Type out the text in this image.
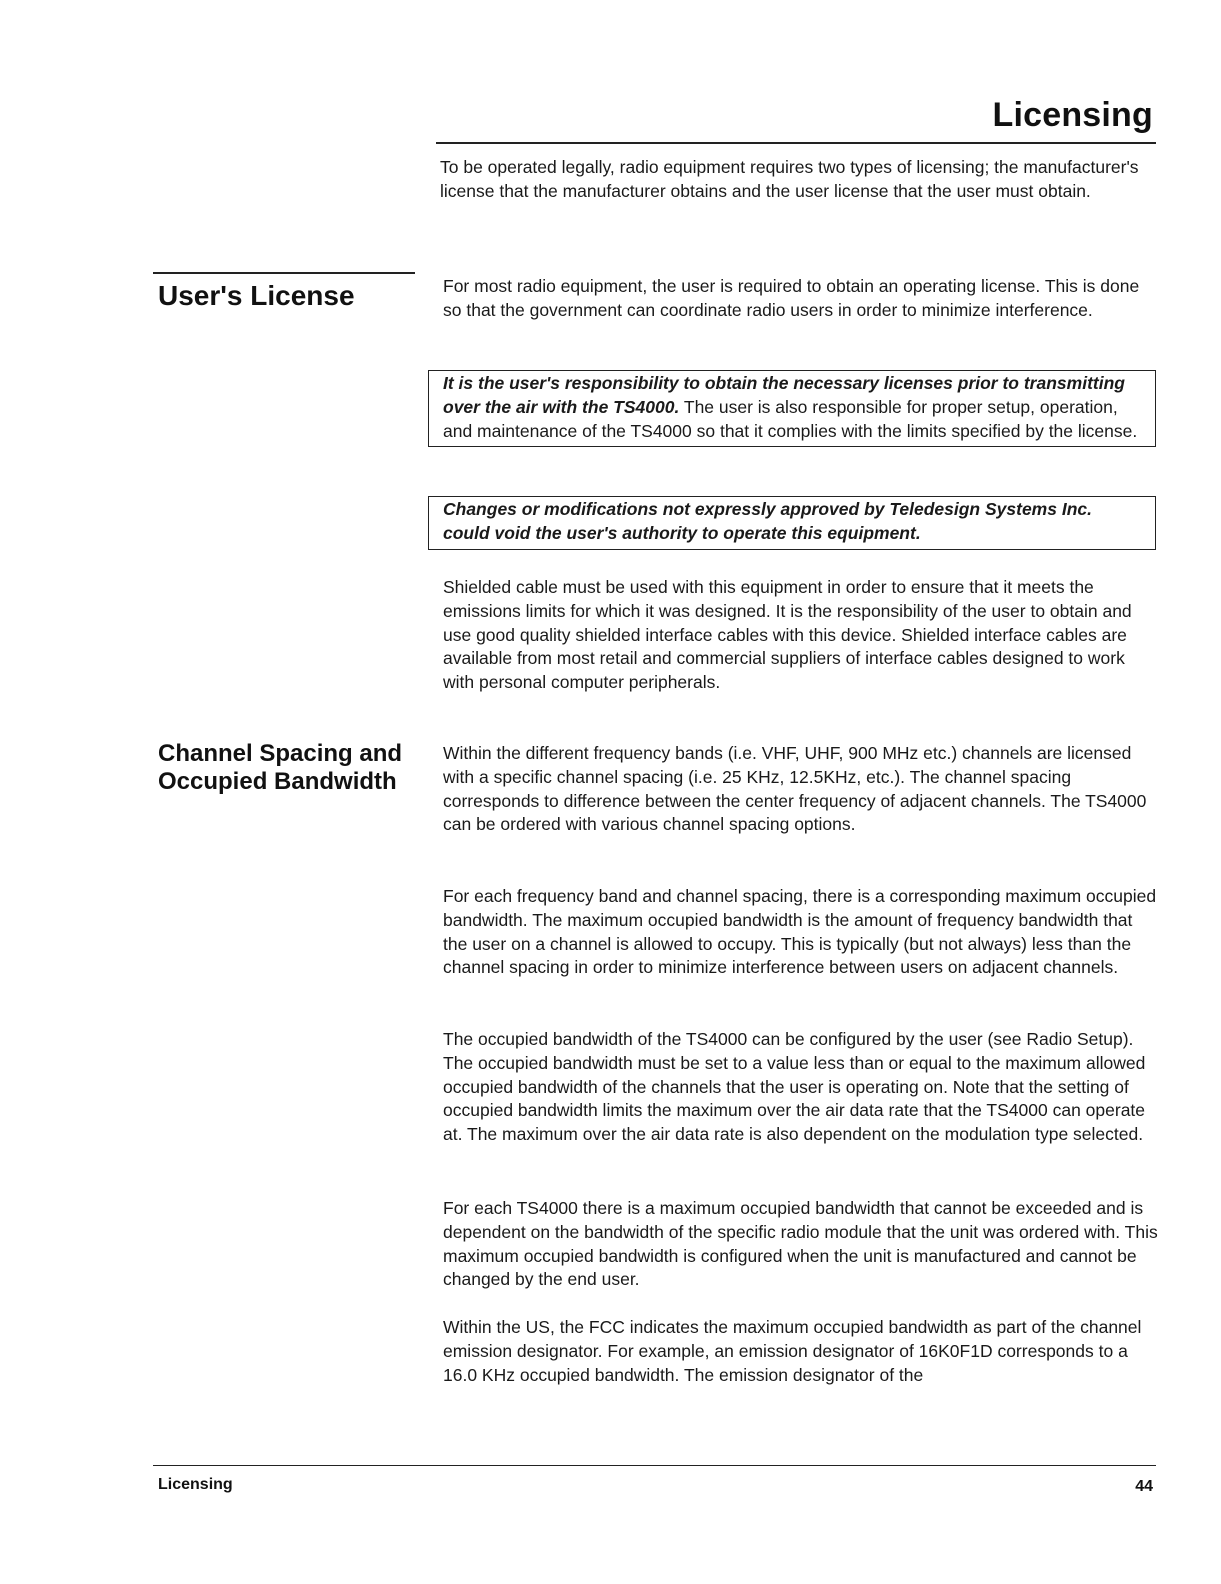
Licensing
To be operated legally, radio equipment requires two types of licensing; the manufacturer's license that the manufacturer obtains and the user license that the user must obtain.
User's License	For most radio equipment, the user is required to obtain an operating license. This is done so that the government can coordinate radio users in order to minimize interference.
It is the user's responsibility to obtain the necessary licenses prior to transmitting over the air with the TS4000. The user is also responsible for proper setup, operation, and maintenance of the TS4000 so that it complies with the limits specified by the license.
Changes or modifications not expressly approved by Teledesign Systems Inc. could void the user's authority to operate this equipment.
Shielded cable must be used with this equipment in order to ensure that it meets the emissions limits for which it was designed. It is the responsibility of the user to obtain and use good quality shielded interface cables with this device. Shielded interface cables are available from most retail and commercial suppliers of interface cables designed to work with personal computer peripherals.
Channel Spacing and
Occupied Bandwidth
Within the different frequency bands (i.e. VHF, UHF, 900 MHz etc.) channels are licensed with a specific channel spacing (i.e. 25 KHz, 12.5KHz, etc.). The channel spacing corresponds to difference between the center frequency of adjacent channels. The TS4000 can be ordered with various channel spacing options.
For each frequency band and channel spacing, there is a corresponding maximum occupied bandwidth. The maximum occupied bandwidth is the amount of frequency bandwidth that the user on a channel is allowed to occupy. This is typically (but not always) less than the channel spacing in order to minimize interference between users on adjacent channels.
The occupied bandwidth of the TS4000 can be configured by the user (see Radio Setup). The occupied bandwidth must be set to a value less than or equal to the maximum allowed occupied bandwidth of the channels that the user is operating on. Note that the setting of occupied bandwidth limits the maximum over the air data rate that the TS4000 can operate at. The maximum over the air data rate is also dependent on the modulation type selected.
For each TS4000 there is a maximum occupied bandwidth that cannot be exceeded and is dependent on the bandwidth of the specific radio module that the unit was ordered with. This maximum occupied bandwidth is configured when the unit is manufactured and cannot be changed by the end user.
Within the US, the FCC indicates the maximum occupied bandwidth as part of the channel emission designator. For example, an emission designator of 16K0F1D corresponds to a 16.0 KHz occupied bandwidth. The emission designator of the
Licensing	44
